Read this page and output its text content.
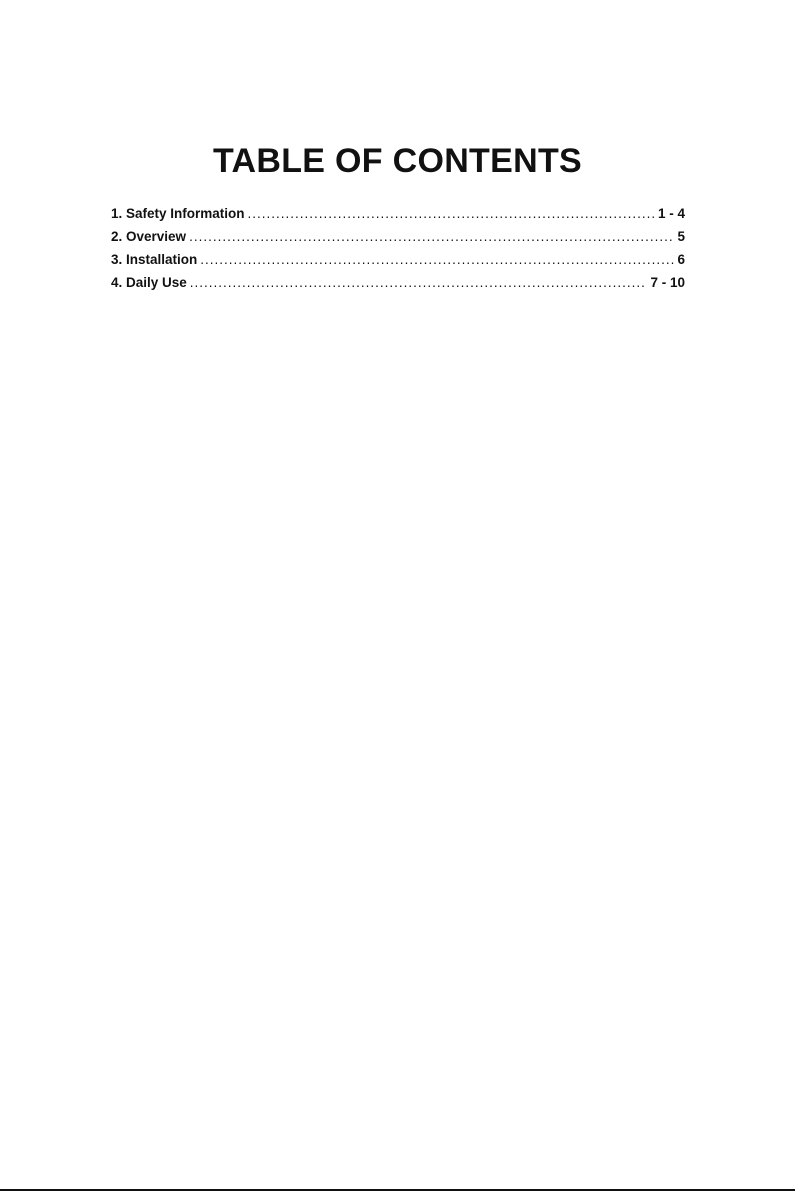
TABLE OF CONTENTS
1. Safety Information .....	1 - 4
2. Overview .....	5
3. Installation .....	6
4. Daily Use .....	7 - 10
